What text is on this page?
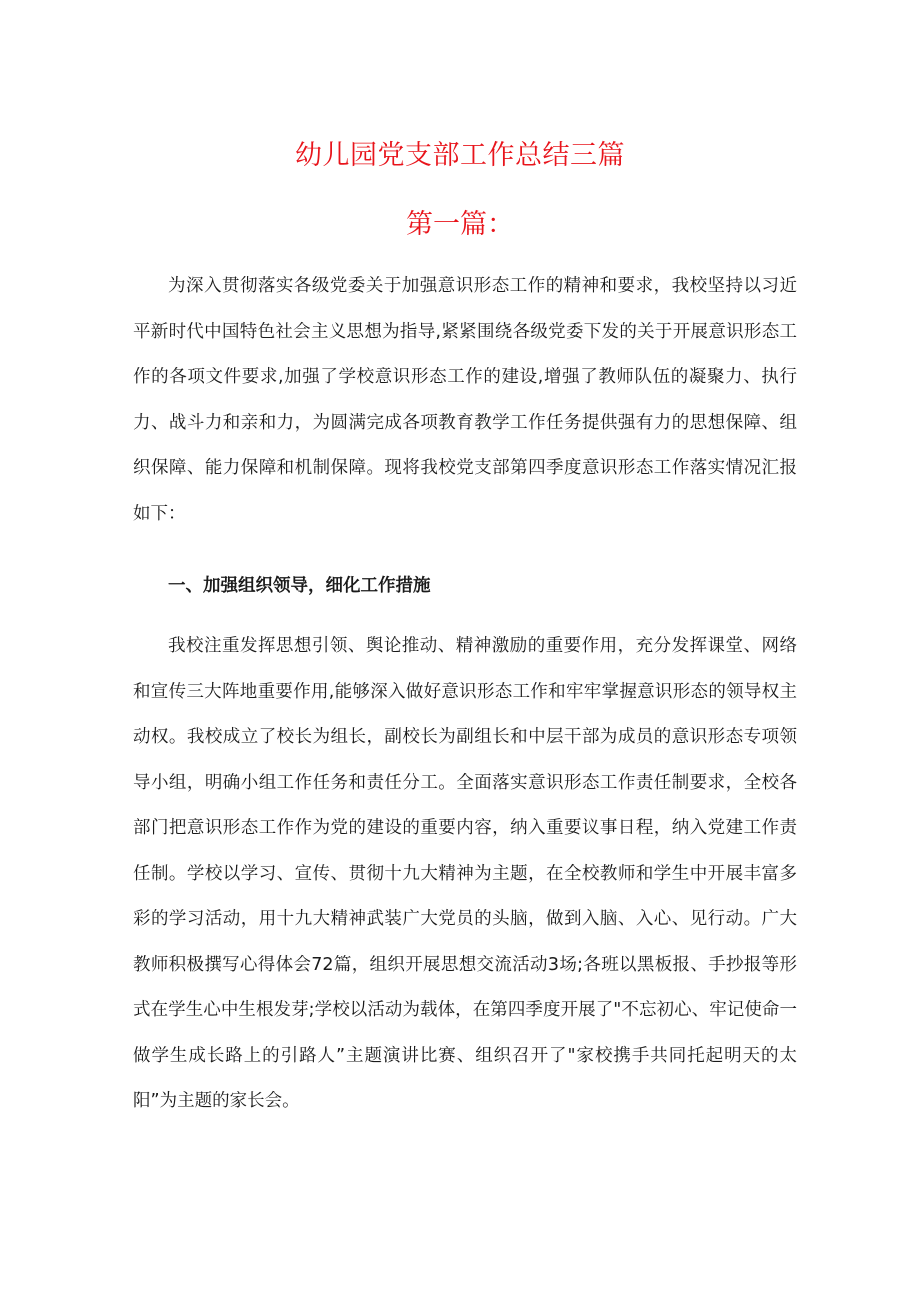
幼儿园党支部工作总结三篇
第一篇：

为深入贯彻落实各级党委关于加强意识形态工作的精神和要求，我校坚持以习近平新时代中国特色社会主义思想为指导,紧紧围绕各级党委下发的关于开展意识形态工作的各项文件要求,加强了学校意识形态工作的建设,增强了教师队伍的凝聚力、执行力、战斗力和亲和力，为圆满完成各项教育教学工作任务提供强有力的思想保障、组织保障、能力保障和机制保障。现将我校党支部第四季度意识形态工作落实情况汇报如下：

一、加强组织领导，细化工作措施

我校注重发挥思想引领、舆论推动、精神激励的重要作用，充分发挥课堂、网络和宣传三大阵地重要作用,能够深入做好意识形态工作和牢牢掌握意识形态的领导权主动权。我校成立了校长为组长，副校长为副组长和中层干部为成员的意识形态专项领导小组，明确小组工作任务和责任分工。全面落实意识形态工作责任制要求，全校各部门把意识形态工作作为党的建设的重要内容，纳入重要议事日程，纳入党建工作责任制。学校以学习、宣传、贯彻十九大精神为主题，在全校教师和学生中开展丰富多彩的学习活动，用十九大精神武装广大党员的头脑，做到入脑、入心、见行动。广大教师积极撰写心得体会72篇，组织开展思想交流活动3场;各班以黑板报、手抄报等形式在学生心中生根发芽;学校以活动为载体，在第四季度开展了"不忘初心、牢记使命一做学生成长路上的引路人”主题演讲比赛、组织召开了"家校携手共同托起明天的太阳”为主题的家长会。
